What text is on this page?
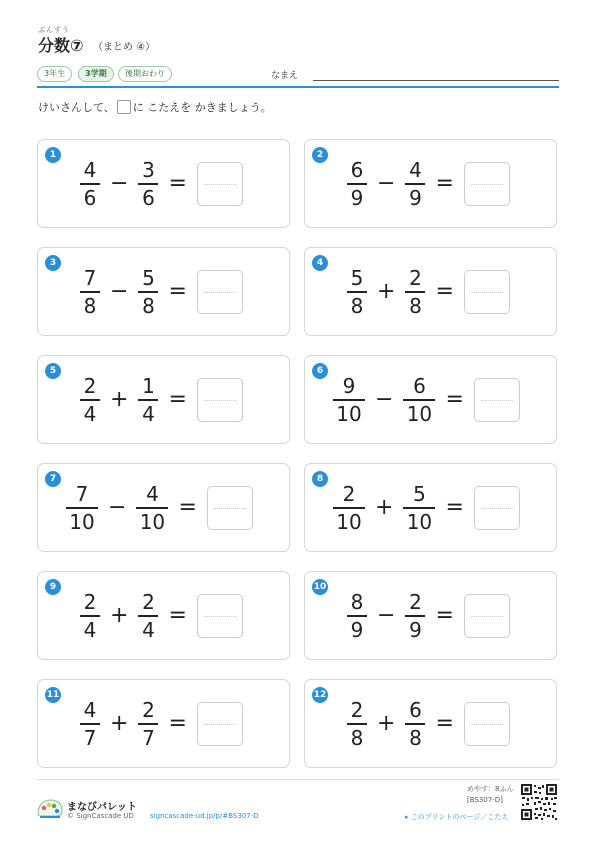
ぶんすう
分数⑦ （まとめ ④）
3年生	3学期	後期おわり	なまえ
けいさんして、 に こたえを かきましょう。
1
$\frac{4}{6} - \frac{3}{6}$ =
2
$\frac{6}{9} - \frac{4}{9}$ =
3
$\frac{7}{8} - \frac{5}{8}$ =
4
$\frac{5}{8} + \frac{2}{8}$ =
5
$\frac{2}{4} + \frac{1}{4}$ =
6
$\frac{9}{10} - \frac{6}{10}$ =
7
$\frac{7}{10} - \frac{4}{10}$ =
8
$\frac{2}{10} + \frac{5}{10}$ =
9
$\frac{2}{4} + \frac{2}{4}$ =
10
$\frac{8}{9} - \frac{2}{9}$ =
11
$\frac{4}{7} + \frac{2}{7}$ =
12
$\frac{2}{8} + \frac{6}{8}$ =
まなびパレット
© SignCascade UD signcascade-ud.jp/p/#BS307-D
めやす：8ふん
[BS307-D]
▸ このプリントのページ／こたえ
